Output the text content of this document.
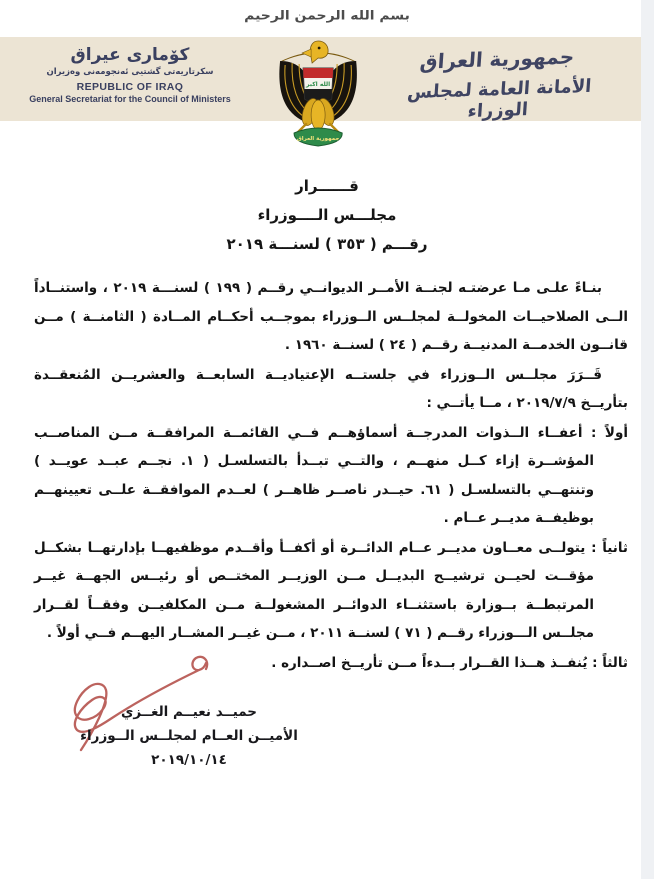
بسم الله الرحمن الرحيم
كۆمارى عيراق
سكرتاريەتى گشتيى ئەنجومەنى وەزيران
REPUBLIC OF IRAQ
General Secretariat for the Council of Ministers
جمهورية العراق
الأمانة العامة لمجلس الوزراء
الله اكبر
جمهورية العراق
قــــــرار
مجلـــس الــــوزراء
رقـــم ( ٣٥٣ ) لسنـــة ٢٠١٩

بنـاءً علـى مـا عرضتـه لجنــة الأمــر الديوانــي رقــم ( ١٩٩ ) لسنـــة ٢٠١٩ ، واستنــاداً الــى الصلاحيــات المخولــة لمجلــس الــوزراء بموجــب أحكــام المــادة ( الثامنــة ) مــن قانــون الخدمــة المدنيــة رقــم ( ٢٤ ) لسنــة ١٩٦٠ .

قَــرَرَ مجلــس الــوزراء في جلستــه الإعتياديــة السابعــة والعشريــن المُنعقــدة بتأريــخ ٢٠١٩/٧/٩ ، مــا يأتــي :

أولاً : أعفــاء الــذوات المدرجــة أسماؤهــم فــي القائمــة المرافقــة مــن المناصــب المؤشــرة إزاء كــل منهــم ، والتــي تبــدأ بالتسلسـل ( ١. نجــم عبــد عويــد ) وتنتهــي بالتسلسـل ( ٦١. حيــدر ناصــر ظاهــر ) لعــدم الموافقــة علــى تعيينهــم بوظيفــة مديــر عــام .

ثانياً : يتولــى معــاون مديــر عــام الدائــرة أو أكفــأ وأقــدم موظفيهــا بإدارتهــا بشكــل مؤقــت لحيــن ترشيــح البديــل مــن الوزيــر المختــص أو رئيــس الجهــة غيــر المرتبطــة بــوزارة باستثنــاء الدوائــر المشغولــة مــن المكلفيــن وفقــاً لقــرار مجلــس الـــوزراء رقــم ( ٧١ ) لسنــة ٢٠١١ ، مــن غيــر المشــار اليهــم فــي أولاً .

ثالثاً : يُنفــذ هــذا القــرار بــدءاً مــن تأريــخ اصــداره .

حميــد نعيــم الغــزي
الأميــن العــام لمجلــس الــوزراء
٢٠١٩/١٠/١٤
